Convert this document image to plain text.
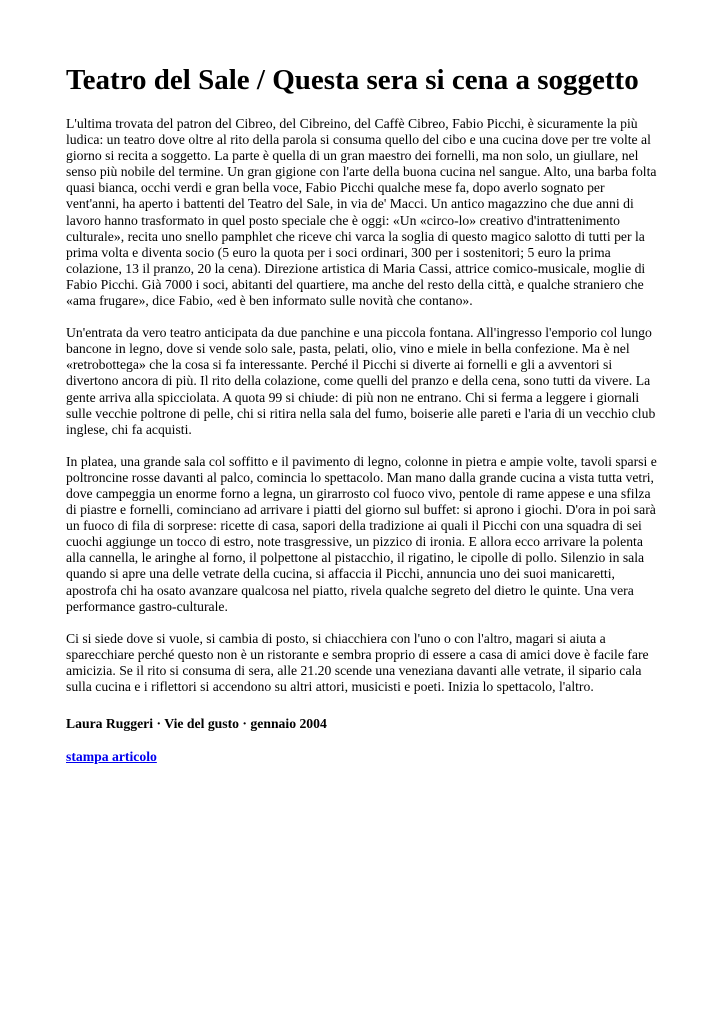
Teatro del Sale / Questa sera si cena a soggetto

L'ultima trovata del patron del Cibreo, del Cibreino, del Caffè Cibreo, Fabio Picchi, è sicuramente la più ludica: un teatro dove oltre al rito della parola si consuma quello del cibo e una cucina dove per tre volte al giorno si recita a soggetto. La parte è quella di un gran maestro dei fornelli, ma non solo, un giullare, nel senso più nobile del termine. Un gran gigione con l'arte della buona cucina nel sangue. Alto, una barba folta quasi bianca, occhi verdi e gran bella voce, Fabio Picchi qualche mese fa, dopo averlo sognato per vent'anni, ha aperto i battenti del Teatro del Sale, in via de' Macci. Un antico magazzino che due anni di lavoro hanno trasformato in quel posto speciale che è oggi: «Un «circo-lo» creativo d'intrattenimento culturale», recita uno snello pamphlet che riceve chi varca la soglia di questo magico salotto di tutti per la prima volta e diventa socio (5 euro la quota per i soci ordinari, 300 per i sostenitori; 5 euro la prima colazione, 13 il pranzo, 20 la cena). Direzione artistica di Maria Cassi, attrice comico-musicale, moglie di Fabio Picchi. Già 7000 i soci, abitanti del quartiere, ma anche del resto della città, e qualche straniero che «ama frugare», dice Fabio, «ed è ben informato sulle novità che contano».

Un'entrata da vero teatro anticipata da due panchine e una piccola fontana. All'ingresso l'emporio col lungo bancone in legno, dove si vende solo sale, pasta, pelati, olio, vino e miele in bella confezione. Ma è nel «retrobottega» che la cosa si fa interessante. Perché il Picchi si diverte ai fornelli e gli a avventori si divertono ancora di più. Il rito della colazione, come quelli del pranzo e della cena, sono tutti da vivere. La gente arriva alla spicciolata. A quota 99 si chiude: di più non ne entrano. Chi si ferma a leggere i giornali sulle vecchie poltrone di pelle, chi si ritira nella sala del fumo, boiserie alle pareti e l'aria di un vecchio club inglese, chi fa acquisti.

In platea, una grande sala col soffitto e il pavimento di legno, colonne in pietra e ampie volte, tavoli sparsi e poltroncine rosse davanti al palco, comincia lo spettacolo. Man mano dalla grande cucina a vista tutta vetri, dove campeggia un enorme forno a legna, un girarrosto col fuoco vivo, pentole di rame appese e una sfilza di piastre e fornelli, cominciano ad arrivare i piatti del giorno sul buffet: si aprono i giochi. D'ora in poi sarà un fuoco di fila di sorprese: ricette di casa, sapori della tradizione ai quali il Picchi con una squadra di sei cuochi aggiunge un tocco di estro, note trasgressive, un pizzico di ironia. E allora ecco arrivare la polenta alla cannella, le aringhe al forno, il polpettone al pistacchio, il rigatino, le cipolle di pollo. Silenzio in sala quando si apre una delle vetrate della cucina, si affaccia il Picchi, annuncia uno dei suoi manicaretti, apostrofa chi ha osato avanzare qualcosa nel piatto, rivela qualche segreto del dietro le quinte. Una vera performance gastro-culturale.

Ci si siede dove si vuole, si cambia di posto, si chiacchiera con l'uno o con l'altro, magari si aiuta a sparecchiare perché questo non è un ristorante e sembra proprio di essere a casa di amici dove è facile fare amicizia. Se il rito si consuma di sera, alle 21.20 scende una veneziana davanti alle vetrate, il sipario cala sulla cucina e i riflettori si accendono su altri attori, musicisti e poeti. Inizia lo spettacolo, l'altro.

Laura Ruggeri · Vie del gusto · gennaio 2004

stampa articolo
